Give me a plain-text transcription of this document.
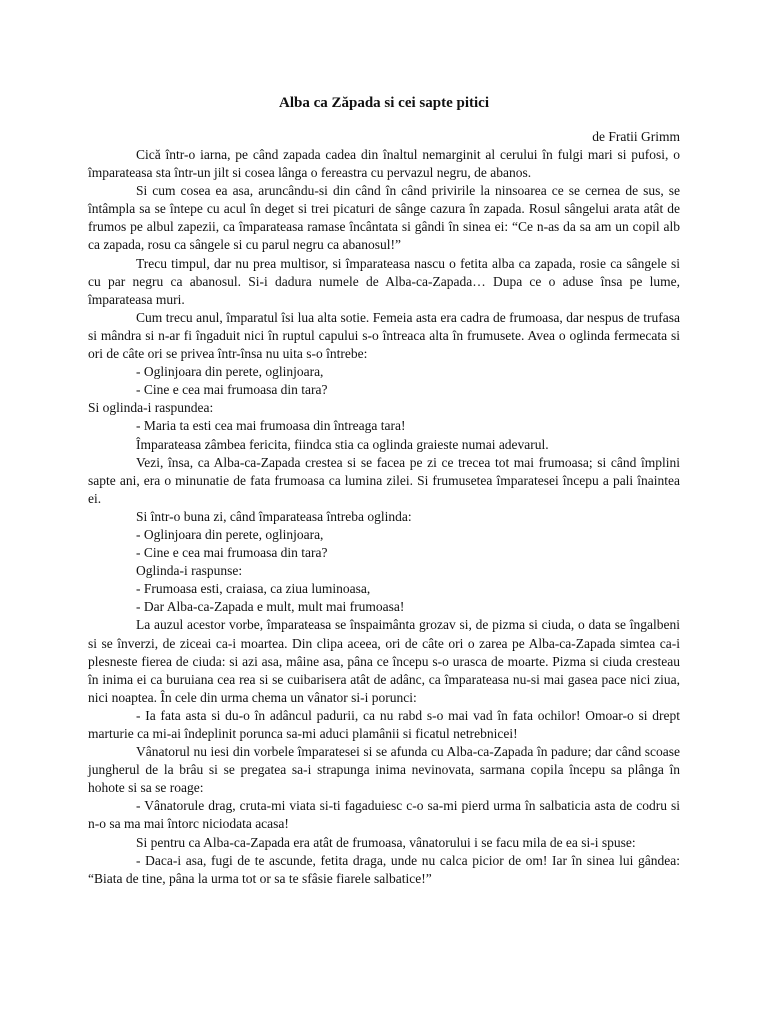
Alba ca Zăpada si cei sapte pitici
de Fratii Grimm
Cică într-o iarna, pe când zapada cadea din înaltul nemarginit al cerului în fulgi mari si pufosi, o împarateasa sta într-un jilt si cosea lânga o fereastra cu pervazul negru, de abanos.
Si cum cosea ea asa, aruncându-si din când în când privirile la ninsoarea ce se cernea de sus, se întâmpla sa se întepe cu acul în deget si trei picaturi de sânge cazura în zapada. Rosul sângelui arata atât de frumos pe albul zapezii, ca împarateasa ramase încântata si gândi în sinea ei: “Ce n-as da sa am un copil alb ca zapada, rosu ca sângele si cu parul negru ca abanosul!”
Trecu timpul, dar nu prea multisor, si împarateasa nascu o fetita alba ca zapada, rosie ca sângele si cu par negru ca abanosul. Si-i dadura numele de Alba-ca-Zapada… Dupa ce o aduse însa pe lume, împarateasa muri.
Cum trecu anul, împaratul îsi lua alta sotie. Femeia asta era cadra de frumoasa, dar nespus de trufasa si mândra si n-ar fi îngaduit nici în ruptul capului s-o întreaca alta în frumusete. Avea o oglinda fermecata si ori de câte ori se privea într-însa nu uita s-o întrebe:
- Oglinjoara din perete, oglinjoara,
- Cine e cea mai frumoasa din tara?
Si oglinda-i raspundea:
- Maria ta esti cea mai frumoasa din întreaga tara!
Împarateasa zâmbea fericita, fiindca stia ca oglinda graieste numai adevarul.
Vezi, însa, ca Alba-ca-Zapada crestea si se facea pe zi ce trecea tot mai frumoasa; si când împlini sapte ani, era o minunatie de fata frumoasa ca lumina zilei. Si frumusetea împaratesei începu a pali înaintea ei.
Si într-o buna zi, când împarateasa întreba oglinda:
- Oglinjoara din perete, oglinjoara,
- Cine e cea mai frumoasa din tara?
Oglinda-i raspunse:
- Frumoasa esti, craiasa, ca ziua luminoasa,
- Dar Alba-ca-Zapada e mult, mult mai frumoasa!
La auzul acestor vorbe, împarateasa se înspaimânta grozav si, de pizma si ciuda, o data se îngalbeni si se înverzi, de ziceai ca-i moartea. Din clipa aceea, ori de câte ori o zarea pe Alba-ca-Zapada simtea ca-i plesneste fierea de ciuda: si azi asa, mâine asa, pâna ce începu s-o urasca de moarte. Pizma si ciuda cresteau în inima ei ca buruiana cea rea si se cuibarisera atât de adânc, ca împarateasa nu-si mai gasea pace nici ziua, nici noaptea. În cele din urma chema un vânator si-i porunci:
- Ia fata asta si du-o în adâncul padurii, ca nu rabd s-o mai vad în fata ochilor! Omoar-o si drept marturie ca mi-ai îndeplinit porunca sa-mi aduci plamânii si ficatul netrebnicei!
Vânatorul nu iesi din vorbele împaratesei si se afunda cu Alba-ca-Zapada în padure; dar când scoase jungherul de la brâu si se pregatea sa-i strapunga inima nevinovata, sarmana copila începu sa plânga în hohote si sa se roage:
- Vânatorule drag, cruta-mi viata si-ti fagaduiesc c-o sa-mi pierd urma în salbaticia asta de codru si n-o sa ma mai întorc niciodata acasa!
Si pentru ca Alba-ca-Zapada era atât de frumoasa, vânatorului i se facu mila de ea si-i spuse:
- Daca-i asa, fugi de te ascunde, fetita draga, unde nu calca picior de om! Iar în sinea lui gândea: “Biata de tine, pâna la urma tot or sa te sfâsie fiarele salbatice!”
